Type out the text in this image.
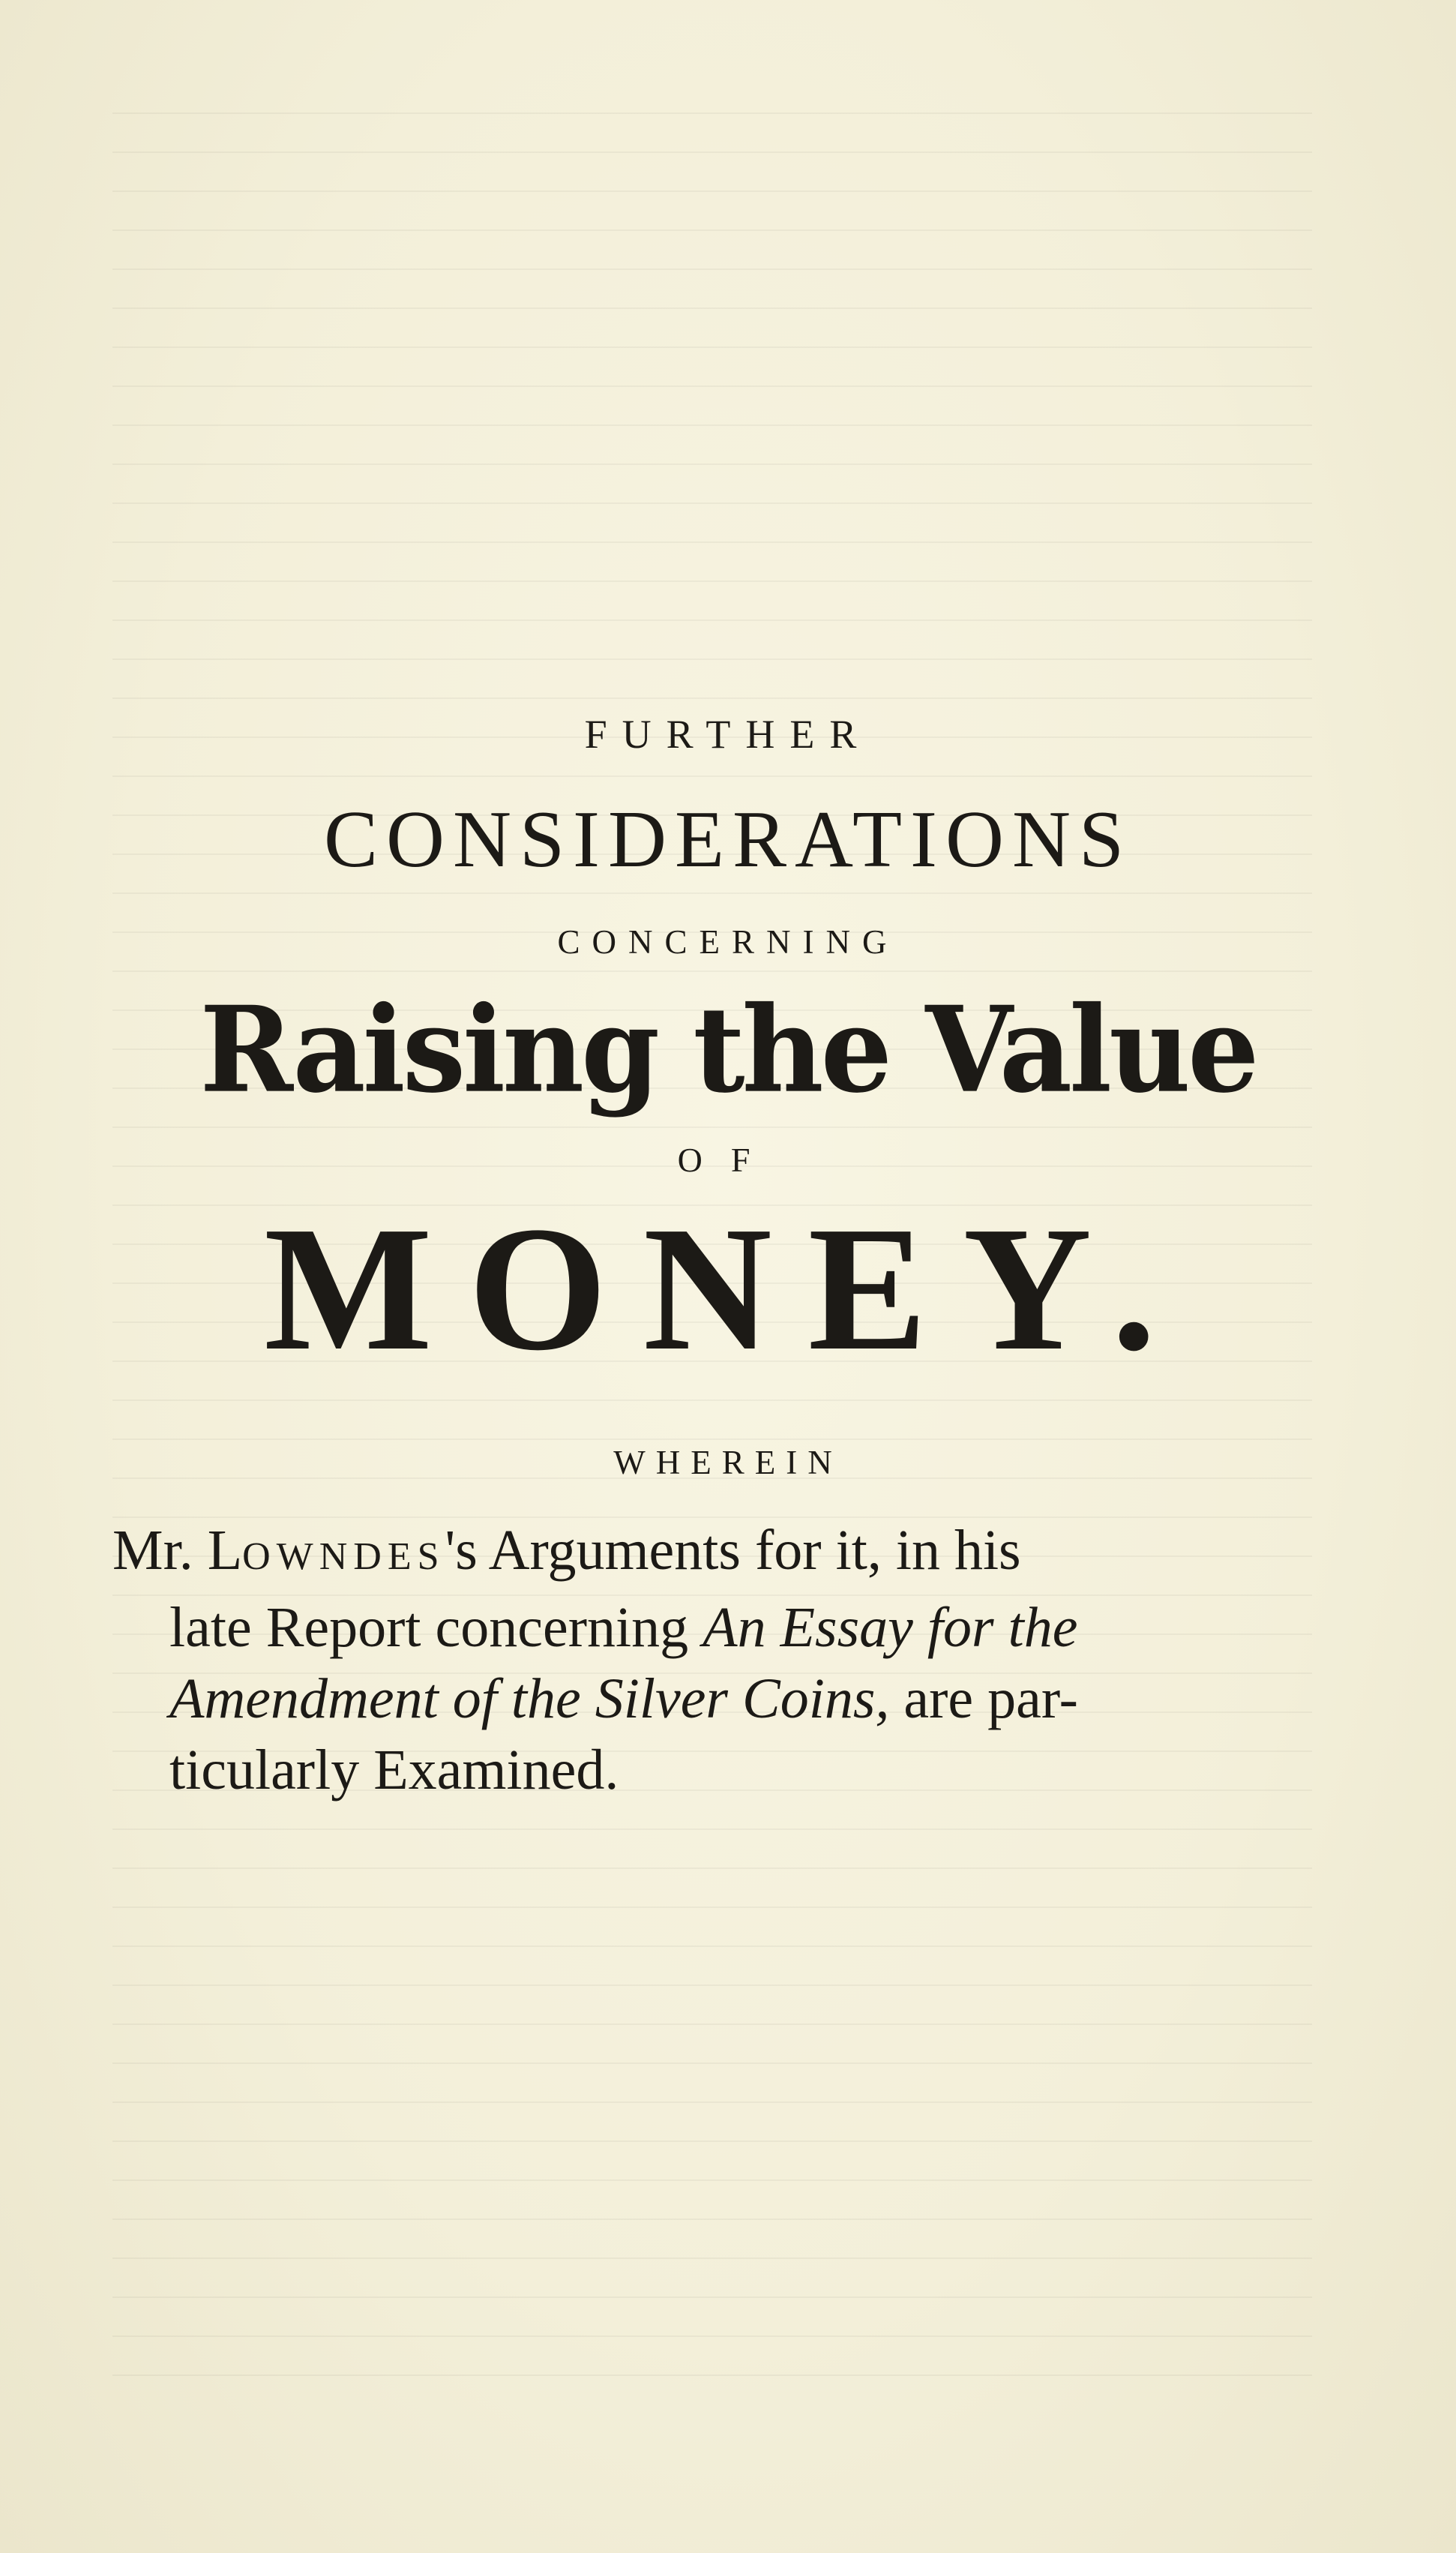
FURTHER
CONSIDERATIONS
CONCERNING
Raising the Value
OF
MONEY.
WHEREIN
Mr. LOWNDES's Arguments for it, in his
late Report concerning An Essay for the
Amendment of the Silver Coins, are par-
ticularly Examined.
